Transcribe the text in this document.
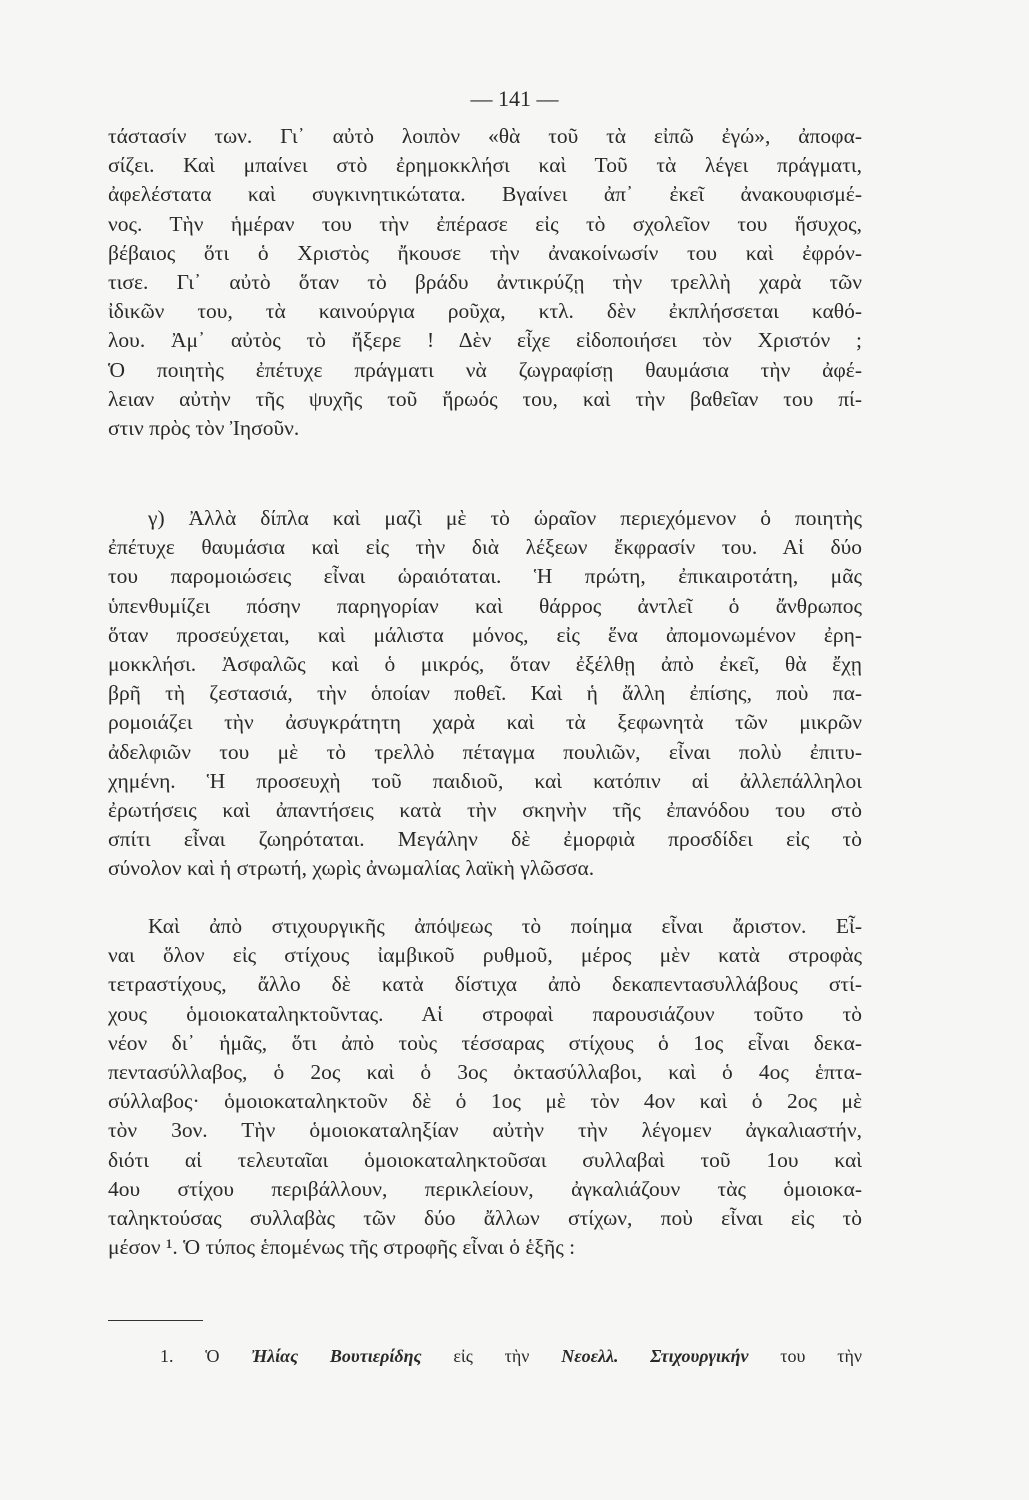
— 141 —
τάστασίν των. Γι᾽ αὐτὸ λοιπὸν «θὰ τοῦ τὰ εἰπῶ ἐγώ», ἀποφα-
σίζει. Καὶ μπαίνει στὸ ἐρημοκκλήσι καὶ Τοῦ τὰ λέγει πράγματι,
ἀφελέστατα καὶ συγκινητικώτατα. Βγαίνει ἀπ᾽ ἐκεῖ ἀνακουφισμέ-
νος. Τὴν ἡμέραν του τὴν ἐπέρασε εἰς τὸ σχολεῖον του ἥσυχος,
βέβαιος ὅτι ὁ Χριστὸς ἤκουσε τὴν ἀνακοίνωσίν του καὶ ἐφρόν-
τισε. Γι᾽ αὐτὸ ὅταν τὸ βράδυ ἀντικρύζῃ τὴν τρελλὴ χαρὰ τῶν
ἰδικῶν του, τὰ καινούργια ροῦχα, κτλ. δὲν ἐκπλήσσεται καθό-
λου. Ἀμ᾽ αὐτὸς τὸ ἤξερε ! Δὲν εἶχε εἰδοποιήσει τὸν Χριστόν ;
Ὁ ποιητὴς ἐπέτυχε πράγματι νὰ ζωγραφίσῃ θαυμάσια τὴν ἀφέ-
λειαν αὐτὴν τῆς ψυχῆς τοῦ ἥρωός του, καὶ τὴν βαθεῖαν του πί-
στιν πρὸς τὸν Ἰησοῦν.
γ) Ἀλλὰ δίπλα καὶ μαζὶ μὲ τὸ ὡραῖον περιεχόμενον ὁ ποιητὴς
ἐπέτυχε θαυμάσια καὶ εἰς τὴν διὰ λέξεων ἔκφρασίν του. Αἱ δύο
του παρομοιώσεις εἶναι ὡραιόταται. Ἡ πρώτη, ἐπικαιροτάτη, μᾶς
ὑπενθυμίζει πόσην παρηγορίαν καὶ θάρρος ἀντλεῖ ὁ ἄνθρωπος
ὅταν προσεύχεται, καὶ μάλιστα μόνος, εἰς ἕνα ἀπομονωμένον ἐρη-
μοκκλήσι. Ἀσφαλῶς καὶ ὁ μικρός, ὅταν ἐξέλθῃ ἀπὸ ἐκεῖ, θὰ ἔχῃ
βρῆ τὴ ζεστασιά, τὴν ὁποίαν ποθεῖ. Καὶ ἡ ἄλλη ἐπίσης, ποὺ πα-
ρομοιάζει τὴν ἀσυγκράτητη χαρὰ καὶ τὰ ξεφωνητὰ τῶν μικρῶν
ἀδελφιῶν του μὲ τὸ τρελλὸ πέταγμα πουλιῶν, εἶναι πολὺ ἐπιτυ-
χημένη. Ἡ προσευχὴ τοῦ παιδιοῦ, καὶ κατόπιν αἱ ἀλλεπάλληλοι
ἐρωτήσεις καὶ ἀπαντήσεις κατὰ τὴν σκηνὴν τῆς ἐπανόδου του στὸ
σπίτι εἶναι ζωηρόταται. Μεγάλην δὲ ἐμορφιὰ προσδίδει εἰς τὸ
σύνολον καὶ ἡ στρωτή, χωρὶς ἀνωμαλίας λαϊκὴ γλῶσσα.
Καὶ ἀπὸ στιχουργικῆς ἀπόψεως τὸ ποίημα εἶναι ἄριστον. Εἶ-
ναι ὅλον εἰς στίχους ἰαμβικοῦ ρυθμοῦ, μέρος μὲν κατὰ στροφὰς
τετραστίχους, ἄλλο δὲ κατὰ δίστιχα ἀπὸ δεκαπεντασυλλάβους στί-
χους ὁμοιοκαταληκτοῦντας. Αἱ στροφαὶ παρουσιάζουν τοῦτο τὸ
νέον δι᾽ ἡμᾶς, ὅτι ἀπὸ τοὺς τέσσαρας στίχους ὁ 1ος εἶναι δεκα-
πεντασύλλαβος, ὁ 2ος καὶ ὁ 3ος ὀκτασύλλαβοι, καὶ ὁ 4ος ἑπτα-
σύλλαβος· ὁμοιοκαταληκτοῦν δὲ ὁ 1ος μὲ τὸν 4ον καὶ ὁ 2ος μὲ
τὸν 3ον. Τὴν ὁμοιοκαταληξίαν αὐτὴν τὴν λέγομεν ἀγκαλιαστήν,
διότι αἱ τελευταῖαι ὁμοιοκαταληκτοῦσαι συλλαβαὶ τοῦ 1ου καὶ
4ου στίχου περιβάλλουν, περικλείουν, ἀγκαλιάζουν τὰς ὁμοιοκα-
ταληκτούσας συλλαβὰς τῶν δύο ἄλλων στίχων, ποὺ εἶναι εἰς τὸ
μέσον ¹. Ὁ τύπος ἑπομένως τῆς στροφῆς εἶναι ὁ ἑξῆς :
1. Ὁ Ἠλίας Βουτιερίδης εἰς τὴν Νεοελλ. Στιχουργικήν του τὴν
